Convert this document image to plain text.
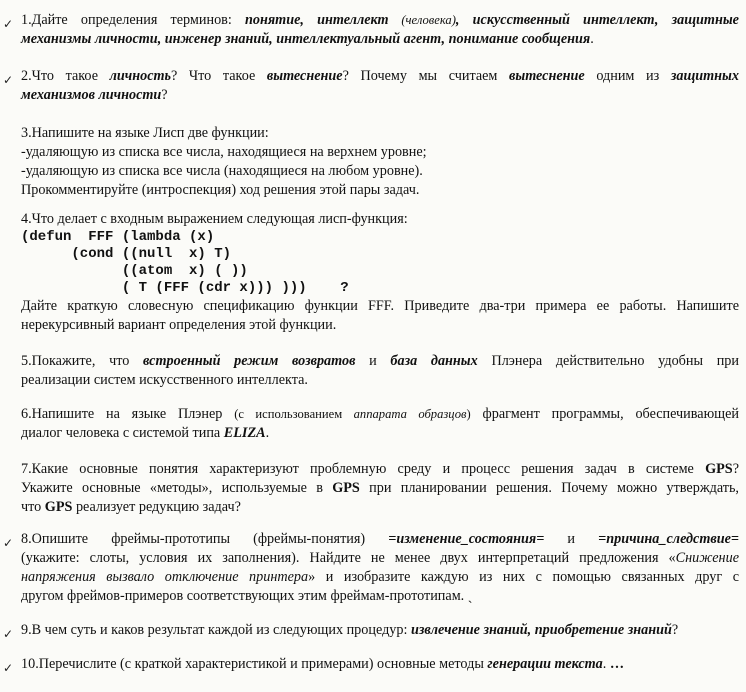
✓ 1.Дайте определения терминов: понятие, интеллект (человека), искусственный интеллект, защитные

механизмы личности, инженер знаний, интеллектуальный агент, понимание сообщения.

✓ 2.Что такое личность? Что такое вытеснение? Почему мы считаем вытеснение одним из защитных

механизмов личности?

3.Напишите на языке Лисп две функции:

-удаляющую из списка все числа, находящиеся на верхнем уровне;

-удаляющую из списка все числа (находящиеся на любом уровне).

Прокомментируйте (интроспекция) ход решения этой пары задач.

4.Что делает с входным выражением следующая лисп-функция:

(defun  FFF (lambda (x)

(cond ((null  x) T)

((atom  x) ( ))

( T (FFF (cdr x))) )))    ?

Дайте краткую словесную спецификацию функции FFF. Приведите два-три примера ее работы. Напишите

нерекурсивный вариант определения этой функции.

5.Покажите, что встроенный режим возвратов и база данных Плэнера действительно удобны при

реализации систем искусственного интеллекта.

6.Напишите на языке Плэнер (с использованием аппарата образцов) фрагмент программы, обеспечивающей

диалог человека с системой типа ELIZA.

7.Какие основные понятия характеризуют проблемную среду и процесс решения задач в системе GPS?

Укажите основные «методы», используемые в GPS при планировании решения. Почему можно утверждать,

что GPS реализует редукцию задач?

✓ 8.Опишите фреймы-прототипы (фреймы-понятия) =изменение_состояния= и =причина_следствие=

(укажите: слоты, условия их заполнения). Найдите не менее двух интерпретаций предложения «Снижение

напряжения вызвало отключение принтера» и изобразите каждую из них с помощью связанных друг с

другом фреймов-примеров соответствующих этим фреймам-прототипам. ˎ

✓ 9.В чем суть и каков результат каждой из следующих процедур: извлечение знаний, приобретение знаний?

✓ 10.Перечислите (с краткой характеристикой и примерами) основные методы генерации текста. …
